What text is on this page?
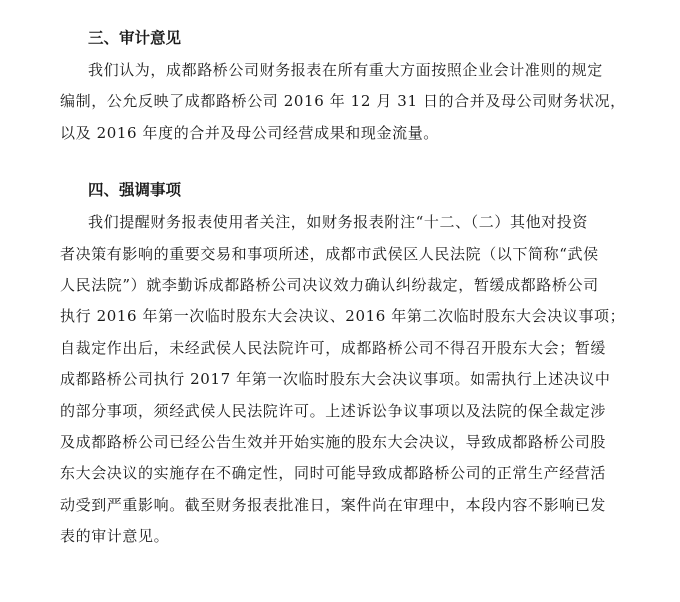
三、审计意见
我们认为，成都路桥公司财务报表在所有重大方面按照企业会计准则的规定
编制，公允反映了成都路桥公司 2016 年 12 月 31 日的合并及母公司财务状况，
以及 2016 年度的合并及母公司经营成果和现金流量。
四、强调事项
我们提醒财务报表使用者关注，如财务报表附注“十二、（二）其他对投资
者决策有影响的重要交易和事项所述，成都市武侯区人民法院（以下简称“武侯
人民法院”）就李勤诉成都路桥公司决议效力确认纠纷裁定，暂缓成都路桥公司
执行 2016 年第一次临时股东大会决议、2016 年第二次临时股东大会决议事项；
自裁定作出后，未经武侯人民法院许可，成都路桥公司不得召开股东大会；暂缓
成都路桥公司执行 2017 年第一次临时股东大会决议事项。如需执行上述决议中
的部分事项，须经武侯人民法院许可。上述诉讼争议事项以及法院的保全裁定涉
及成都路桥公司已经公告生效并开始实施的股东大会决议，导致成都路桥公司股
东大会决议的实施存在不确定性，同时可能导致成都路桥公司的正常生产经营活
动受到严重影响。截至财务报表批准日，案件尚在审理中，本段内容不影响已发
表的审计意见。
